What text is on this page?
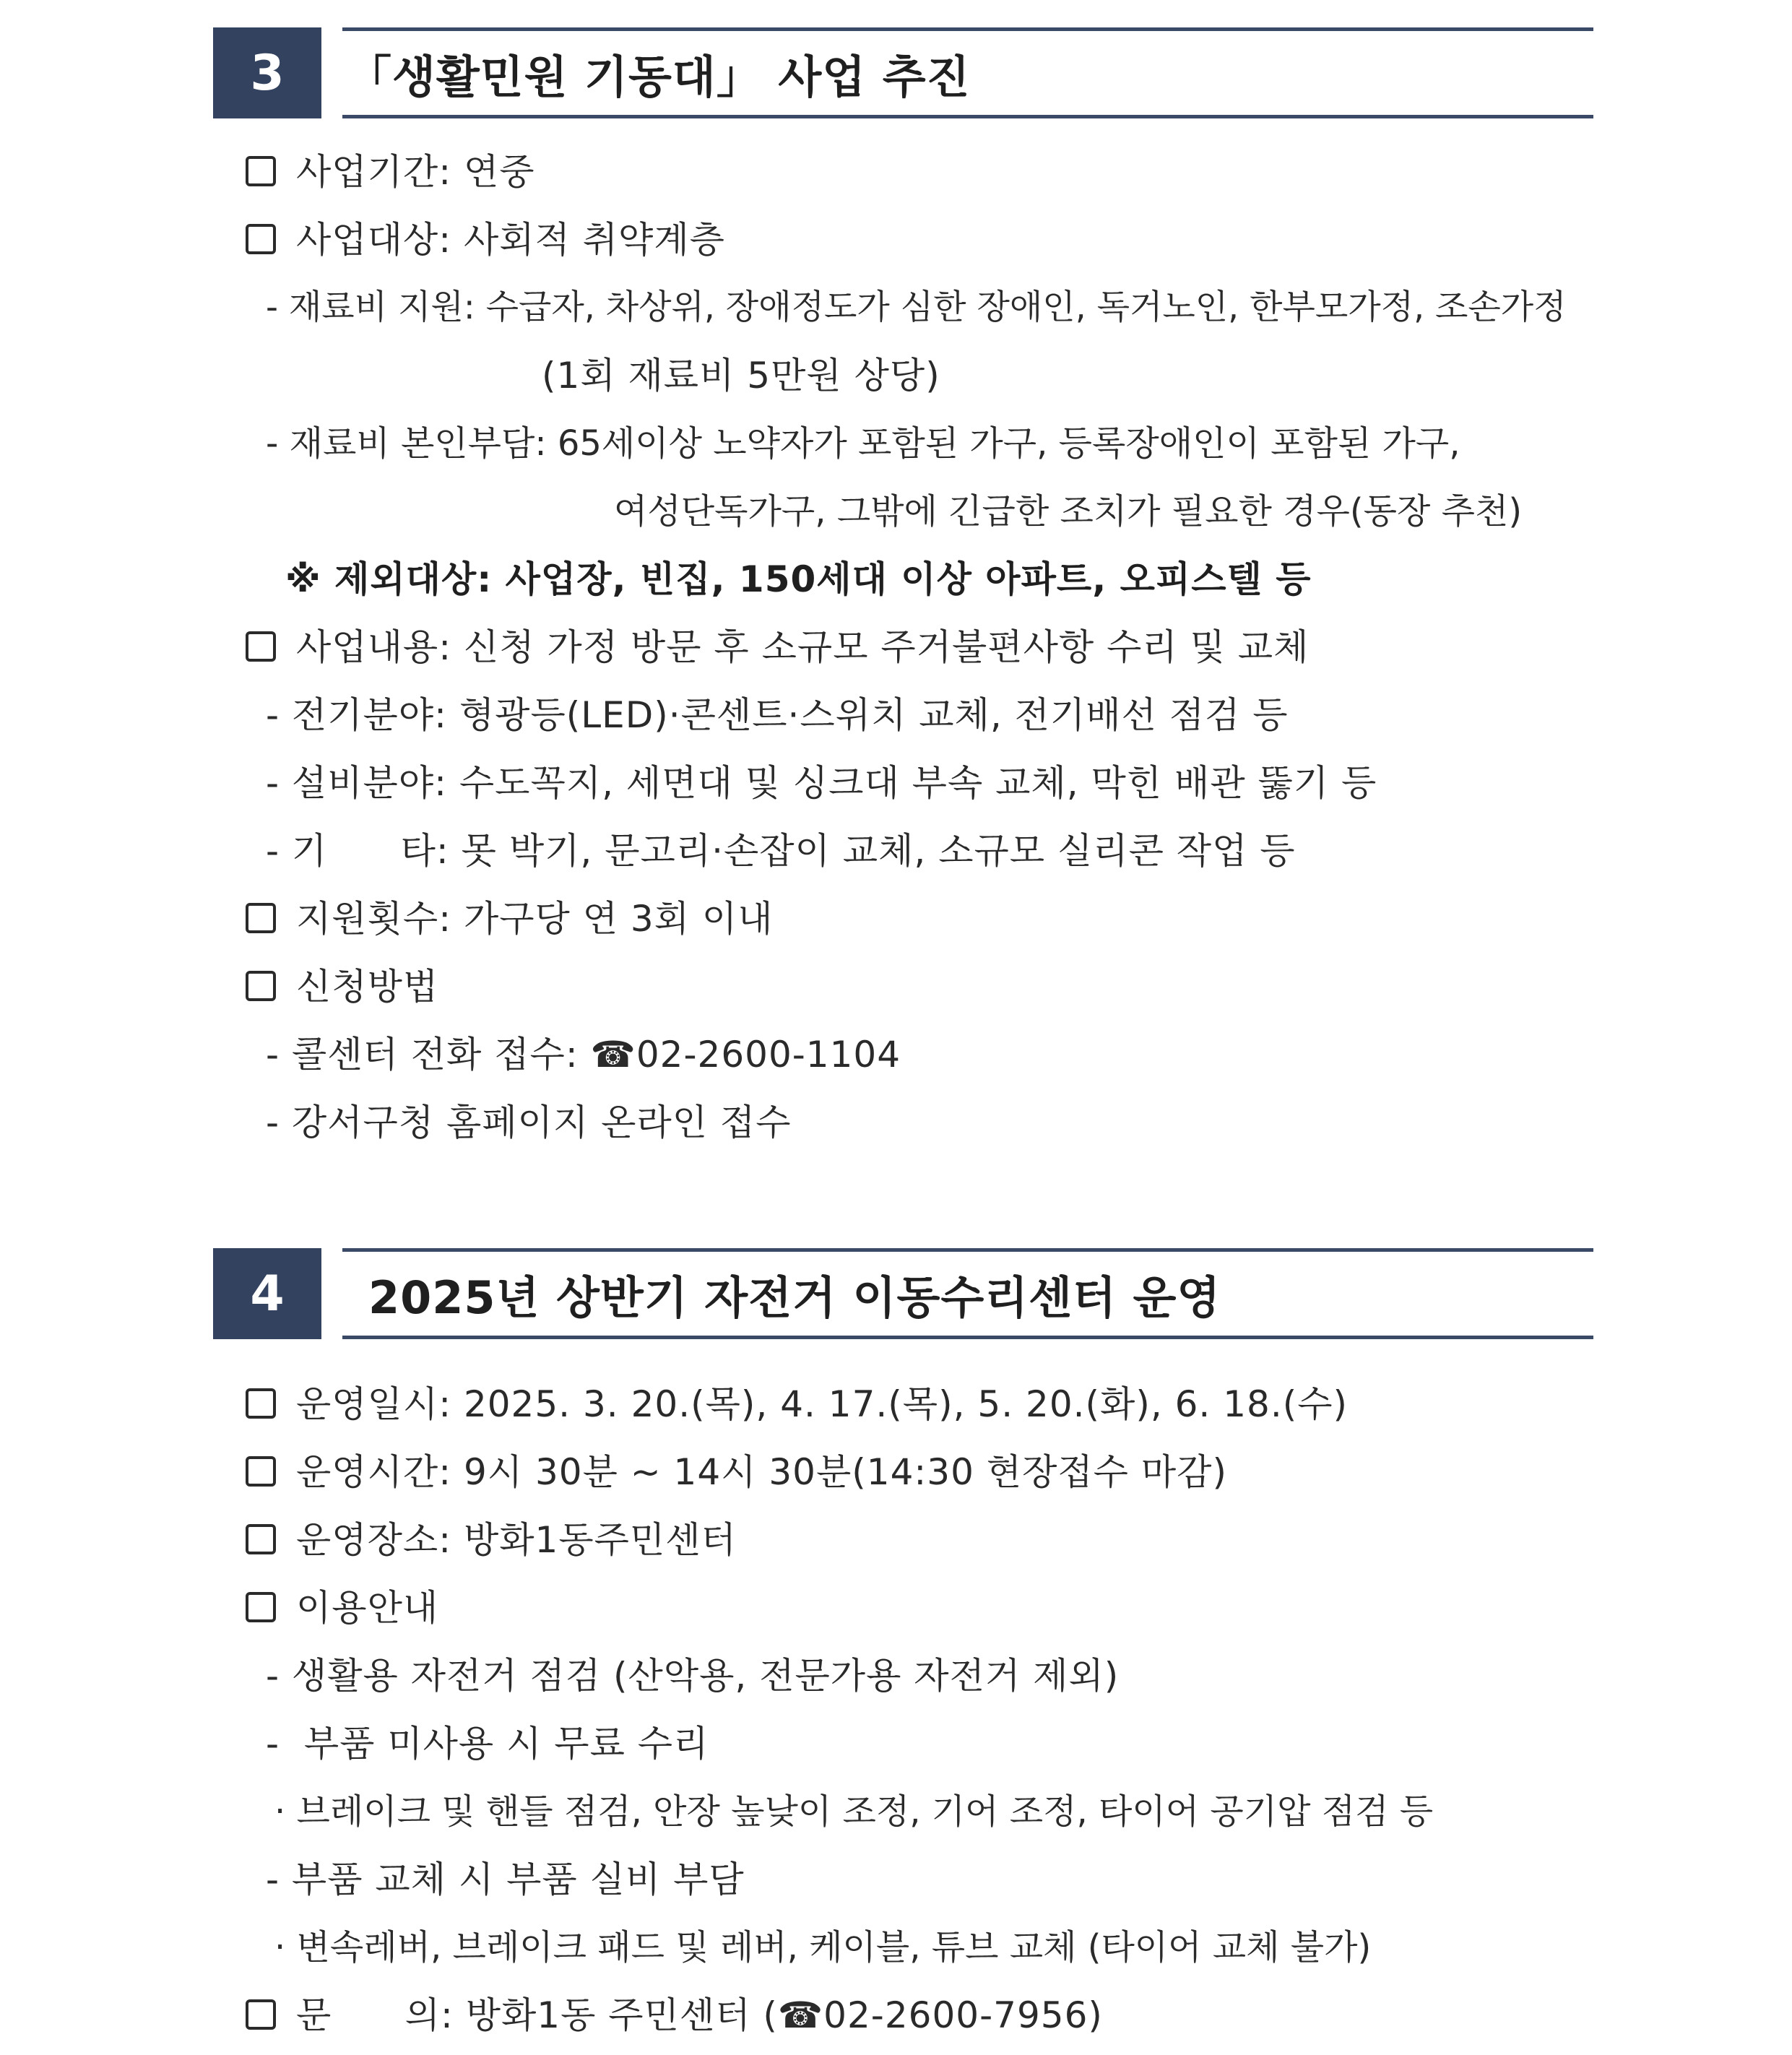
3	「생활민원 기동대」 사업 추진
사업기간: 연중
사업대상: 사회적 취약계층
- 재료비 지원: 수급자, 차상위, 장애정도가 심한 장애인, 독거노인, 한부모가정, 조손가정
(1회 재료비 5만원 상당)
- 재료비 본인부담: 65세이상 노약자가 포함된 가구, 등록장애인이 포함된 가구,
여성단독가구, 그밖에 긴급한 조치가 필요한 경우(동장 추천)
※ 제외대상: 사업장, 빈집, 150세대 이상 아파트, 오피스텔 등
사업내용: 신청 가정 방문 후 소규모 주거불편사항 수리 및 교체
- 전기분야: 형광등(LED)·콘센트·스위치 교체, 전기배선 점검 등
- 설비분야: 수도꼭지, 세면대 및 싱크대 부속 교체, 막힌 배관 뚫기 등
- 기      타: 못 박기, 문고리·손잡이 교체, 소규모 실리콘 작업 등
지원횟수: 가구당 연 3회 이내
신청방법
- 콜센터 전화 접수: ☎02-2600-1104
- 강서구청 홈페이지 온라인 접수
4	2025년 상반기 자전거 이동수리센터 운영
운영일시: 2025. 3. 20.(목), 4. 17.(목), 5. 20.(화), 6. 18.(수)
운영시간: 9시 30분 ~ 14시 30분(14:30 현장접수 마감)
운영장소: 방화1동주민센터
이용안내
- 생활용 자전거 점검 (산악용, 전문가용 자전거 제외)
-  부품 미사용 시 무료 수리
· 브레이크 및 핸들 점검, 안장 높낮이 조정, 기어 조정, 타이어 공기압 점검 등
- 부품 교체 시 부품 실비 부담
· 변속레버, 브레이크 패드 및 레버, 케이블, 튜브 교체 (타이어 교체 불가)
문      의: 방화1동 주민센터 (☎02-2600-7956)
